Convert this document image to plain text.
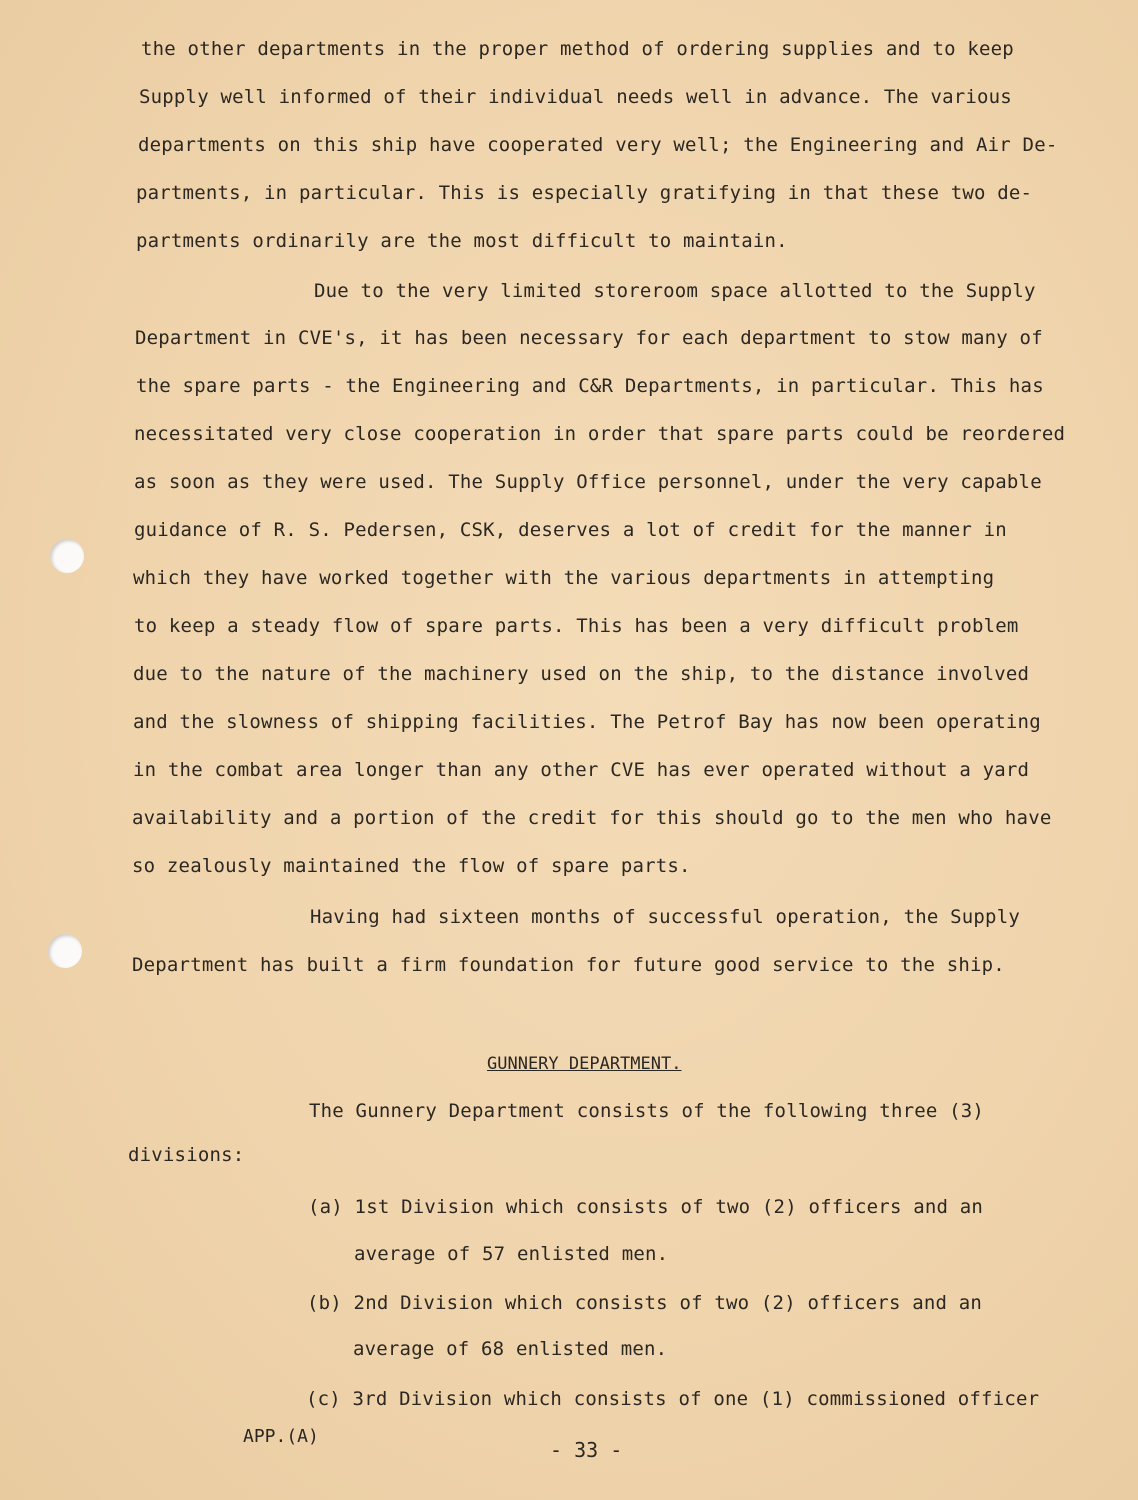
the other departments in the proper method of ordering supplies and to keep
Supply well informed of their individual needs well in advance. The various
departments on this ship have cooperated very well; the Engineering and Air De-
partments, in particular. This is especially gratifying in that these two de-
partments ordinarily are the most difficult to maintain.
Due to the very limited storeroom space allotted to the Supply
Department in CVE's, it has been necessary for each department to stow many of
the spare parts - the Engineering and C&R Departments, in particular. This has
necessitated very close cooperation in order that spare parts could be reordered
as soon as they were used. The Supply Office personnel, under the very capable
guidance of R. S. Pedersen, CSK, deserves a lot of credit for the manner in
which they have worked together with the various departments in attempting
to keep a steady flow of spare parts. This has been a very difficult problem
due to the nature of the machinery used on the ship, to the distance involved
and the slowness of shipping facilities. The Petrof Bay has now been operating
in the combat area longer than any other CVE has ever operated without a yard
availability and a portion of the credit for this should go to the men who have
so zealously maintained the flow of spare parts.
Having had sixteen months of successful operation, the Supply
Department has built a firm foundation for future good service to the ship.
GUNNERY DEPARTMENT.
The Gunnery Department consists of the following three (3)
divisions:
(a) 1st Division which consists of two (2) officers and an
average of 57 enlisted men.
(b) 2nd Division which consists of two (2) officers and an
average of 68 enlisted men.
(c) 3rd Division which consists of one (1) commissioned officer
APP.(A)
- 33 -
